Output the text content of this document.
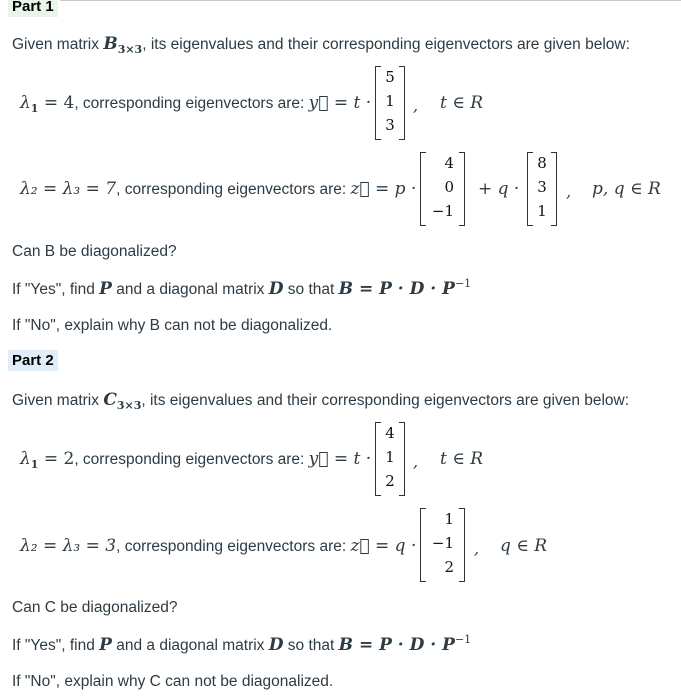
Part 1
Given matrix $B_{3\times 3}$, its eigenvalues and their corresponding eigenvectors are given below:
$\lambda_1 = 4$, corresponding eigenvectors are: y⃗ = t ·
5
1
3
, t ∈ R
λ₂ = λ₃ = 7, corresponding eigenvectors are: z⃗ = p ·
4
0
−1
+ q ·
8
3
1
, p, q ∈ R
Can B be diagonalized?
If "Yes", find P and a diagonal matrix D so that $B = P \cdot D \cdot P^{-1}$
If "No", explain why B can not be diagonalized.
Part 2
Given matrix $C_{3\times 3}$, its eigenvalues and their corresponding eigenvectors are given below:
$\lambda_1 = 2$, corresponding eigenvectors are: y⃗ = t ·
4
1
2
, t ∈ R
λ₂ = λ₃ = 3, corresponding eigenvectors are: z⃗ = q ·
1
−1
2
, q ∈ R
Can C be diagonalized?
If "Yes", find P and a diagonal matrix D so that $B = P \cdot D \cdot P^{-1}$
If "No", explain why C can not be diagonalized.
